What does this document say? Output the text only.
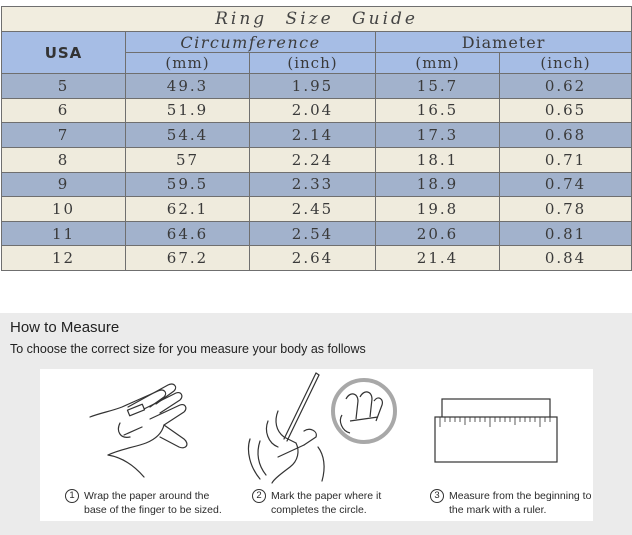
Ring Size Guide				
USA	Circumference		Diameter	
	(mm)	(inch)	(mm)	(inch)
5	49.3	1.95	15.7	0.62
6	51.9	2.04	16.5	0.65
7	54.4	2.14	17.3	0.68
8	57	2.24	18.1	0.71
9	59.5	2.33	18.9	0.74
10	62.1	2.45	19.8	0.78
11	64.6	2.54	20.6	0.81
12	67.2	2.64	21.4	0.84
How to Measure
To choose the correct size for you measure your body as follows
1 Wrap the paper around the
base of the finger to be sized.
2 Mark the paper where it
completes the circle.
3 Measure from the beginning to
the mark with a ruler.
